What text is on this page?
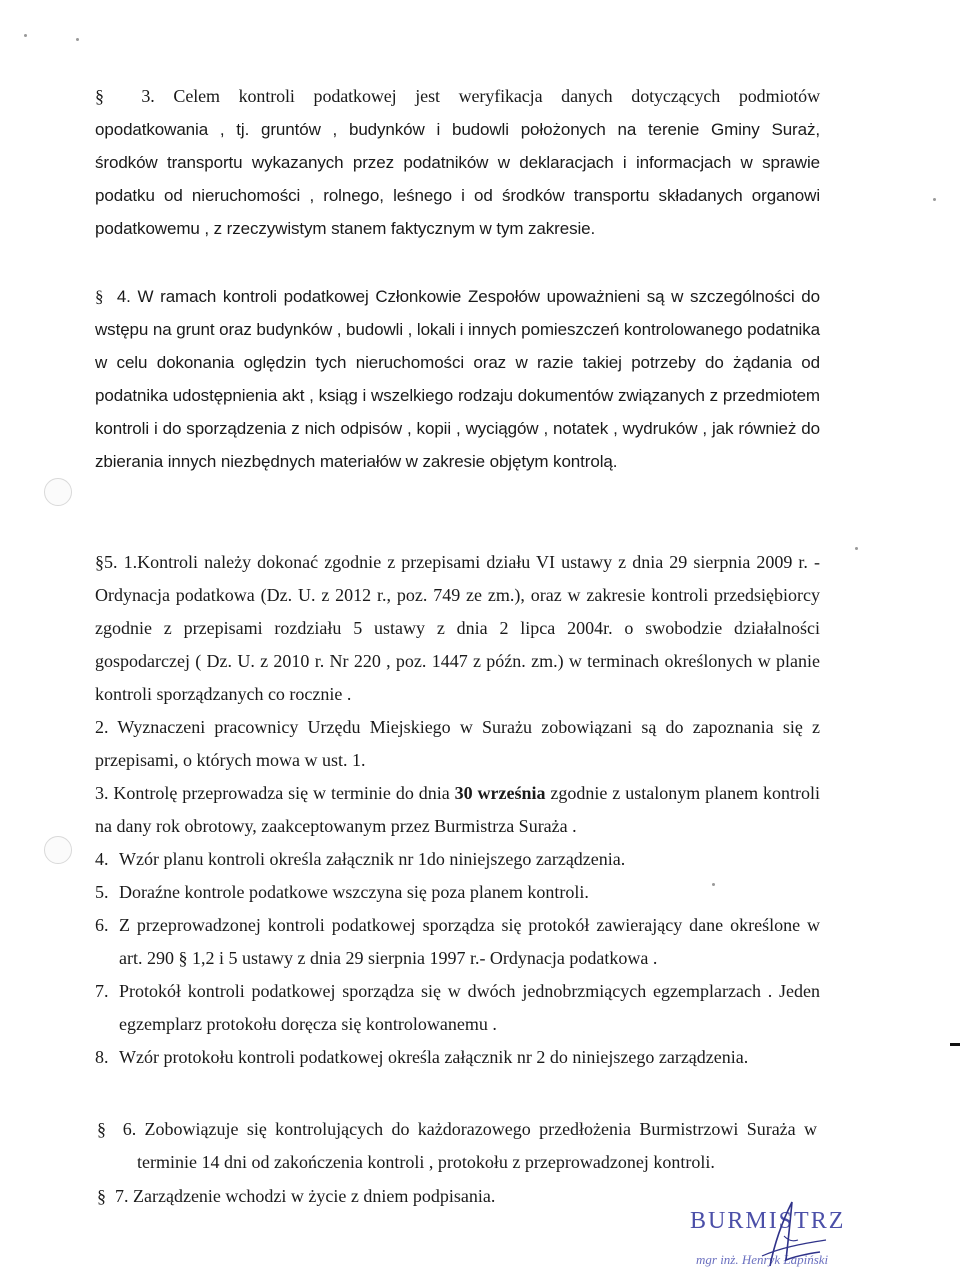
§ 3. Celem kontroli podatkowej jest weryfikacja danych dotyczących podmiotów
opodatkowania , tj. gruntów , budynków i budowli położonych na terenie Gminy Suraż,
środków transportu wykazanych przez podatników w deklaracjach i informacjach w sprawie
podatku od nieruchomości , rolnego, leśnego i od środków transportu składanych organowi
podatkowemu , z rzeczywistym stanem faktycznym w tym zakresie.
§ 4. W ramach kontroli podatkowej Członkowie Zespołów upoważnieni są w szczególności do wstępu na grunt oraz budynków , budowli , lokali i innych pomieszczeń kontrolowanego podatnika w celu dokonania oględzin tych nieruchomości oraz w razie takiej potrzeby do żądania od podatnika udostępnienia akt , ksiąg i wszelkiego rodzaju dokumentów związanych z przedmiotem kontroli i do sporządzenia z nich odpisów , kopii , wyciągów , notatek , wydruków , jak również do zbierania innych niezbędnych materiałów w zakresie objętym kontrolą.
§5. 1.Kontroli należy dokonać zgodnie z przepisami działu VI ustawy z dnia 29 sierpnia 2009 r. - Ordynacja podatkowa (Dz. U. z 2012 r., poz. 749 ze zm.), oraz w zakresie kontroli przedsiębiorcy zgodnie z przepisami rozdziału 5 ustawy z dnia 2 lipca 2004r. o swobodzie działalności gospodarczej ( Dz. U. z 2010 r. Nr 220 , poz. 1447 z późn. zm.) w terminach określonych w planie kontroli sporządzanych co rocznie .
2. Wyznaczeni pracownicy Urzędu Miejskiego w Surażu zobowiązani są do zapoznania się z przepisami, o których mowa w ust. 1.
3. Kontrolę przeprowadza się w terminie do dnia 30 września zgodnie z ustalonym planem kontroli na dany rok obrotowy, zaakceptowanym przez Burmistrza Suraża .
4. Wzór planu kontroli określa załącznik nr 1do niniejszego zarządzenia.
5. Doraźne kontrole podatkowe wszczyna się poza planem kontroli.
6. Z przeprowadzonej kontroli podatkowej sporządza się protokół zawierający dane określone w art. 290 § 1,2 i 5 ustawy z dnia 29 sierpnia 1997 r.- Ordynacja podatkowa .
7. Protokół kontroli podatkowej sporządza się w dwóch jednobrzmiących egzemplarzach . Jeden egzemplarz protokołu doręcza się kontrolowanemu .
8. Wzór protokołu kontroli podatkowej określa załącznik nr 2 do niniejszego zarządzenia.
§ 6. Zobowiązuje się kontrolujących do każdorazowego przedłożenia Burmistrzowi Suraża w terminie 14 dni od zakończenia kontroli , protokołu z przeprowadzonej kontroli.
§ 7. Zarządzenie wchodzi w życie z dniem podpisania.
BURMISTRZ
mgr inż. Henryk Łapiński
